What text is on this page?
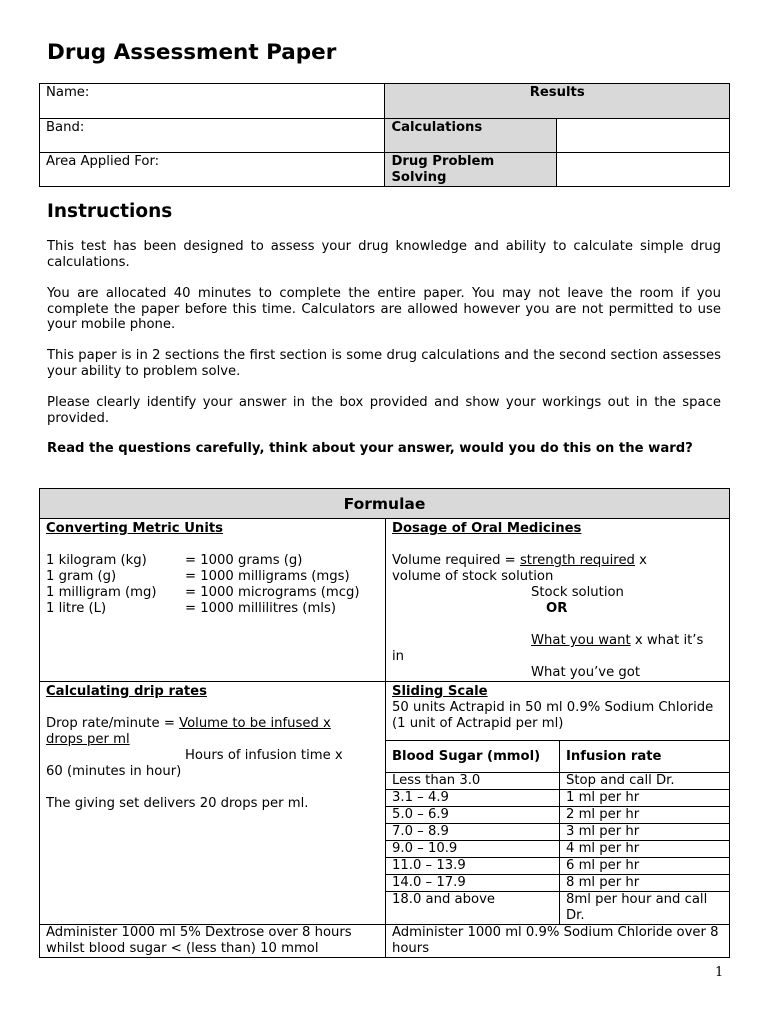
Drug Assessment Paper
Name:	Results	
Band:	Calculations	
Area Applied For:	Drug Problem
Solving	

Instructions

This test has been designed to assess your drug knowledge and ability to calculate simple drug calculations.

You are allocated 40 minutes to complete the entire paper. You may not leave the room if you complete the paper before this time. Calculators are allowed however you are not permitted to use your mobile phone.

This paper is in 2 sections the first section is some drug calculations and the second section assesses your ability to problem solve.

Please clearly identify your answer in the box provided and show your workings out in the space provided.

Read the questions carefully, think about your answer, would you do this on the ward?

Formulae

Converting Metric Units

1 kilogram (kg)	= 1000 grams (g)
1 gram (g)	= 1000 milligrams (mgs)
1 milligram (mg)	= 1000 micrograms (mcg)
1 litre (L)	= 1000 millilitres (mls)

Dosage of Oral Medicines

Volume required = strength required x
volume of stock solution
Stock solution
OR

What you want x what it’s
in
What you’ve got

Calculating drip rates

Drop rate/minute = Volume to be infused x
drops per ml
Hours of infusion time x
60 (minutes in hour)

The giving set delivers 20 drops per ml.

Sliding Scale
50 units Actrapid in 50 ml 0.9% Sodium Chloride (1 unit of Actrapid per ml)
Blood Sugar (mmol)	Infusion rate
Less than 3.0	Stop and call Dr.
3.1 – 4.9	1 ml per hr
5.0 – 6.9	2 ml per hr
7.0 – 8.9	3 ml per hr
9.0 – 10.9	4 ml per hr
11.0 – 13.9	6 ml per hr
14.0 – 17.9	8 ml per hr
18.0 and above	8ml per hour and call Dr.

Administer 1000 ml 5% Dextrose over 8 hours whilst blood sugar < (less than) 10 mmol	Administer 1000 ml 0.9% Sodium Chloride over 8 hours
1
